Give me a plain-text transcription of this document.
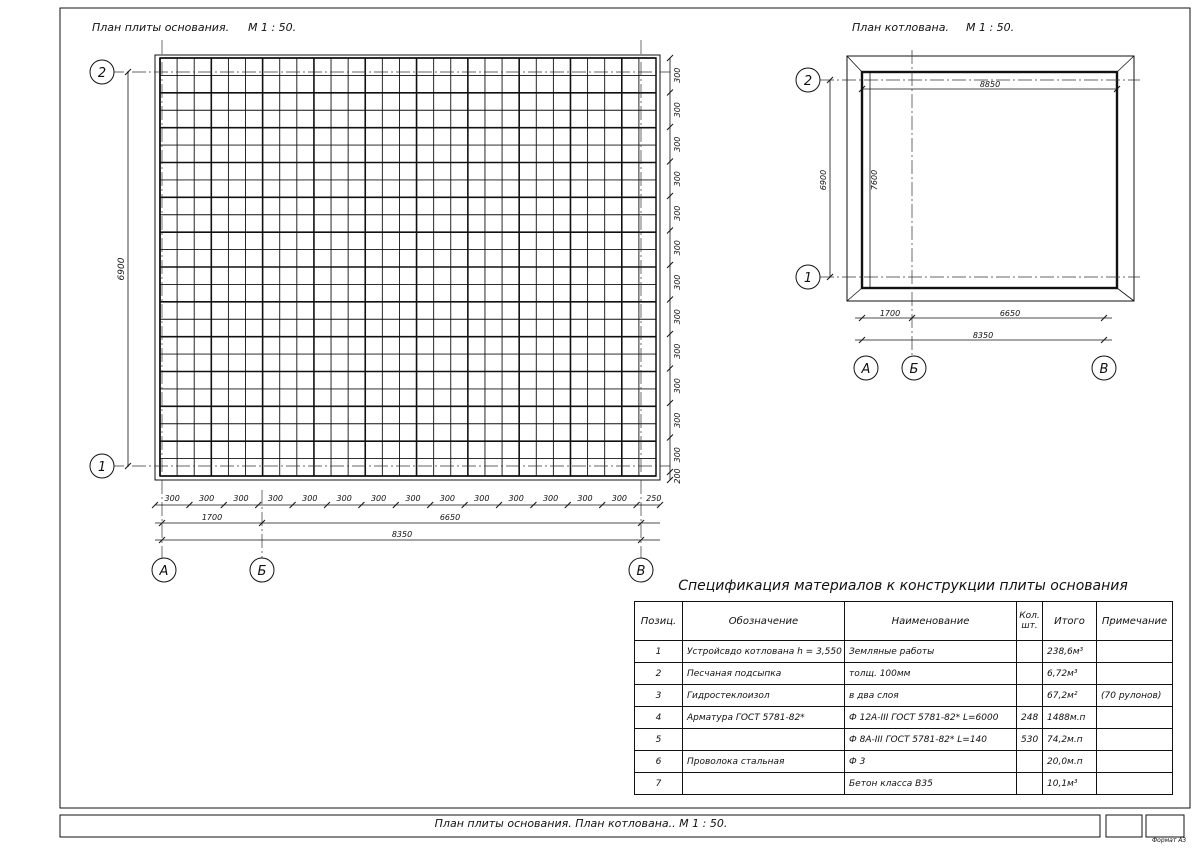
План плиты основания. М 1 : 50.
2
1
А	Б	В
6900
300
300
300
300
300
300
300
300
300
300
300
300
200
300 300 300 300 300 300 300 300 300 300 300 300 300 300 250
1700	6650
8350
План котлована. М 1 : 50.
2
1
А	Б	В
8850
6900	7600
1700	6650
8350
Спецификация материалов к конструкции плиты основания
Позиц.	Обозначение	Наименование	Кол. шт.	Итого	Примечание
1	Устройсвдо котлована h = 3,550	Земляные работы		238,6м³	
2	Песчаная подсыпка	толщ. 100мм		6,72м³	
3	Гидростеклоизол	в два слоя		67,2м²	(70 рулонов)
4	Арматура ГОСТ 5781-82*	Ф 12А-III ГОСТ 5781-82* L=6000	248	1488м.п	
5		Ф 8А-III ГОСТ 5781-82* L=140	530	74,2м.п	
6	Проволока стальная	Ф 3		20,0м.п	
7		Бетон класса B35		10,1м³	
План плиты основания. План котлована.. М 1 : 50.
Формат А3
